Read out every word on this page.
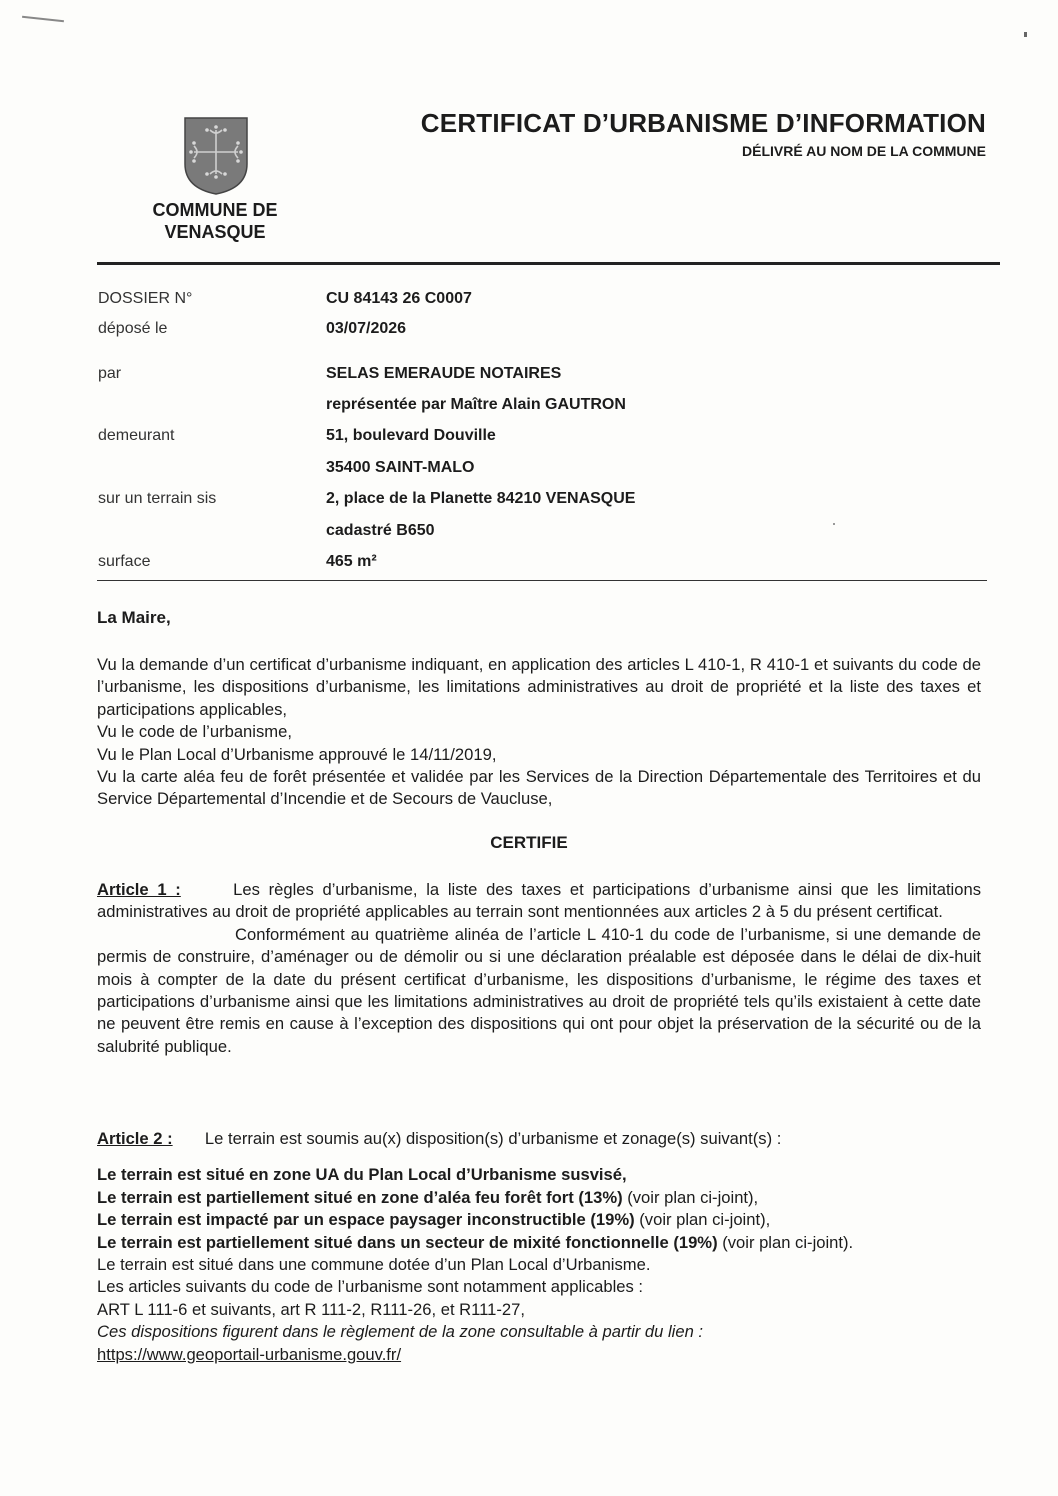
COMMUNE DE
VENASQUE
CERTIFICAT D’URBANISME D’INFORMATION
DÉLIVRÉ AU NOM DE LA COMMUNE
DOSSIER N°	CU 84143 26 C0007
déposé le	03/07/2026
par	SELAS EMERAUDE NOTAIRES
représentée par Maître Alain GAUTRON
demeurant	51, boulevard Douville
35400 SAINT-MALO
sur un terrain sis	2, place de la Planette 84210 VENASQUE
cadastré B650
surface	465 m²
La Maire,

Vu la demande d’un certificat d’urbanisme indiquant, en application des articles L 410-1, R 410-1 et suivants du code de l’urbanisme, les dispositions d’urbanisme, les limitations administratives au droit de propriété et la liste des taxes et participations applicables,

Vu le code de l’urbanisme,

Vu le Plan Local d’Urbanisme approuvé le 14/11/2019,

Vu la carte aléa feu de forêt présentée et validée par les Services de la Direction Départementale des Territoires et du Service Départemental d’Incendie et de Secours de Vaucluse,

CERTIFIE

Article 1 :	Les règles d’urbanisme, la liste des taxes et participations d’urbanisme ainsi que les limitations administratives au droit de propriété applicables au terrain sont mentionnées aux articles 2 à 5 du présent certificat.

Conformément au quatrième alinéa de l’article L 410-1 du code de l’urbanisme, si une demande de permis de construire, d’aménager ou de démolir ou si une déclaration préalable est déposée dans le délai de dix-huit mois à compter de la date du présent certificat d’urbanisme, les dispositions d’urbanisme, le régime des taxes et participations d’urbanisme ainsi que les limitations administratives au droit de propriété tels qu’ils existaient à cette date ne peuvent être remis en cause à l’exception des dispositions qui ont pour objet la préservation de la sécurité ou de la salubrité publique.

Article 2 : Le terrain est soumis au(x) disposition(s) d’urbanisme et zonage(s) suivant(s) :

Le terrain est situé en zone UA du Plan Local d’Urbanisme susvisé,

Le terrain est partiellement situé en zone d’aléa feu forêt fort (13%) (voir plan ci-joint),

Le terrain est impacté par un espace paysager inconstructible (19%) (voir plan ci-joint),

Le terrain est partiellement situé dans un secteur de mixité fonctionnelle (19%) (voir plan ci-joint).

Le terrain est situé dans une commune dotée d’un Plan Local d’Urbanisme.

Les articles suivants du code de l’urbanisme sont notamment applicables :

ART L 111-6 et suivants, art R 111-2, R111-26, et R111-27,

Ces dispositions figurent dans le règlement de la zone consultable à partir du lien :

https://www.geoportail-urbanisme.gouv.fr/
